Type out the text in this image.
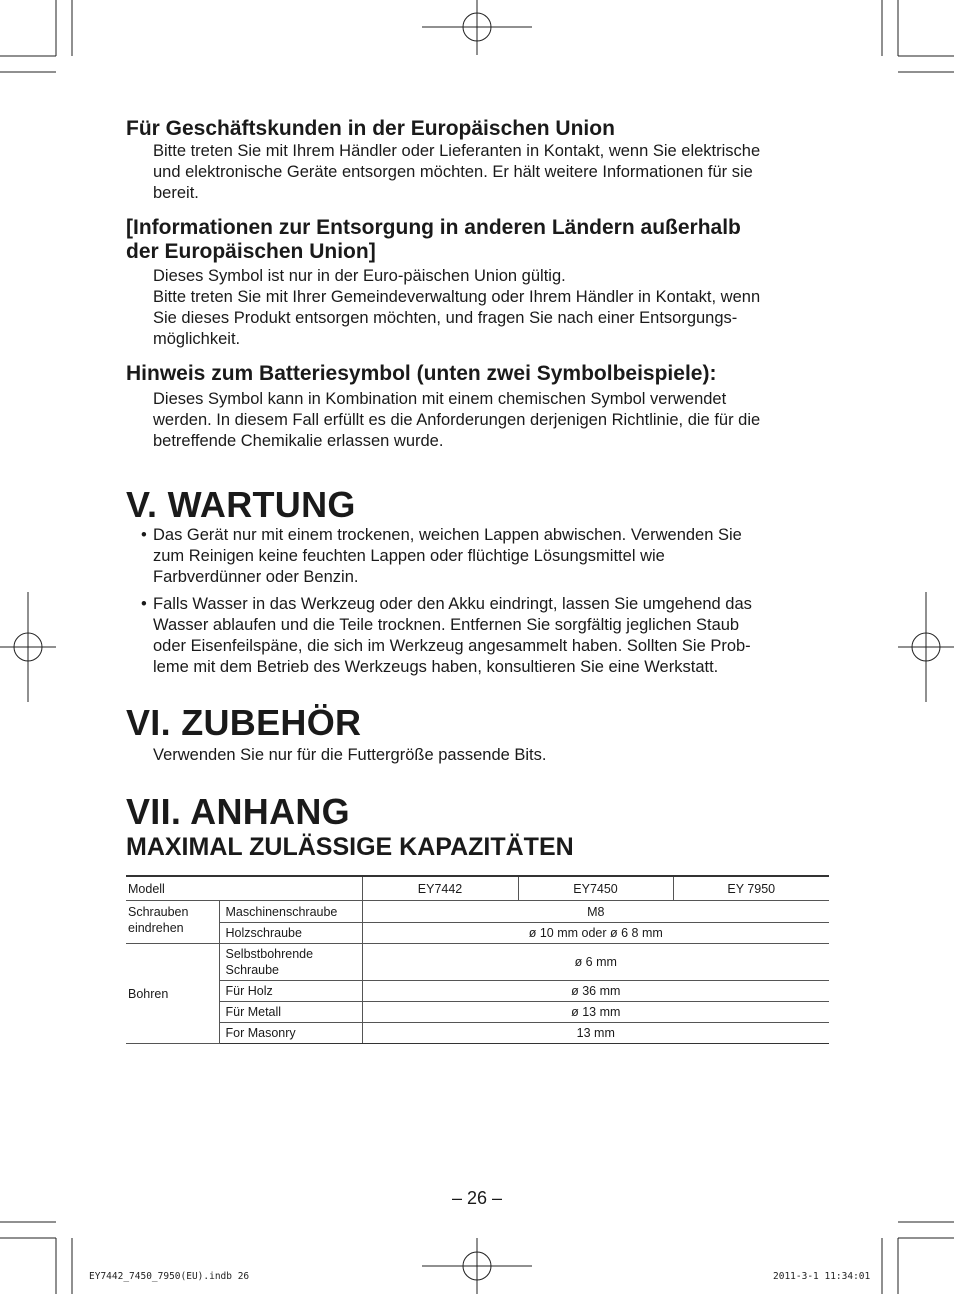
Für Geschäftskunden in der Europäischen Union

Bitte treten Sie mit Ihrem Händler oder Lieferanten in Kontakt, wenn Sie elektrische

und elektronische Geräte entsorgen möchten. Er hält weitere Informationen für sie

bereit.

[Informationen zur Entsorgung in anderen Ländern außerhalb

der Europäischen Union]

Dieses Symbol ist nur in der Euro-päischen Union gültig.

Bitte treten Sie mit Ihrer Gemeindeverwaltung oder Ihrem Händler in Kontakt, wenn

Sie dieses Produkt entsorgen möchten, und fragen Sie nach einer Entsorgungs-

möglichkeit.

Hinweis zum Batteriesymbol (unten zwei Symbolbeispiele):

Dieses Symbol kann in Kombination mit einem chemischen Symbol verwendet

werden. In diesem Fall erfüllt es die Anforderungen derjenigen Richtlinie, die für die

betreffende Chemikalie erlassen wurde.

V. WARTUNG

• Das Gerät nur mit einem trockenen, weichen Lappen abwischen. Verwenden Sie

zum Reinigen keine feuchten Lappen oder flüchtige Lösungsmittel wie

Farbverdünner oder Benzin.

• Falls Wasser in das Werkzeug oder den Akku eindringt, lassen Sie umgehend das

Wasser ablaufen und die Teile trocknen. Entfernen Sie sorgfältig jeglichen Staub

oder Eisenfeilspäne, die sich im Werkzeug angesammelt haben. Sollten Sie Prob-

leme mit dem Betrieb des Werkzeugs haben, konsultieren Sie eine Werkstatt.

VI. ZUBEHÖR

Verwenden Sie nur für die Futtergröße passende Bits.

VII. ANHANG

MAXIMAL ZULÄSSIGE KAPAZITÄTEN

Modell		EY7442	EY7450	EY 7950
Schrauben
eindrehen	Maschinenschraube	M8		
	Holzschraube	ø 10 mm oder ø 6 8 mm		
Bohren	Selbstbohrende
Schraube	ø 6 mm		
	Für Holz	ø 36 mm		
	Für Metall	ø 13 mm		
	For Masonry	13 mm		
– 26 –
EY7442_7450_7950(EU).indb 26	2011-3-1 11:34:01
